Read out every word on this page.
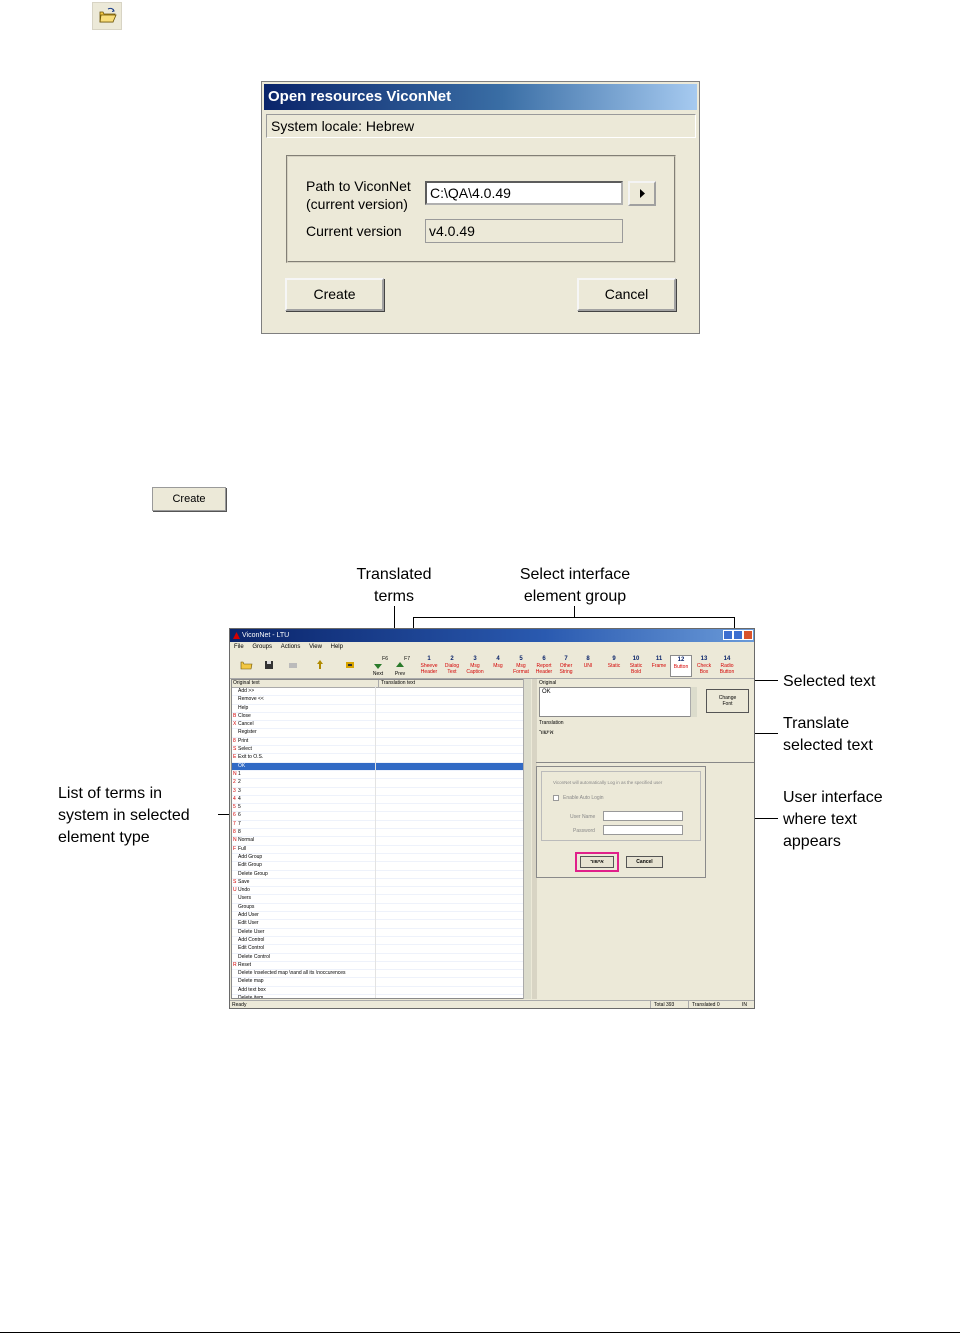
Open resources ViconNet
System locale: Hebrew
Path to ViconNet
(current version)
C:\QA\4.0.49
Current version v4.0.49
Create	Cancel
Create
Translated
terms
Select interface
element group
Selected text
Translate
selected text
List of terms in
system in selected
element type
User interface
where text
appears
ViconNet - LTU
File Groups Actions View Help
F6
Next
F7
Prev
1
Sheeve Header
2
Dialog Text
3
Msg Caption
4
Msg
5
Msg Format
6
Report Header
7
Other String
8
UNI
9
Static
10
Static Bold
11
Frame
12
Button
13
Check Box
14
Radio Button
Original text	Translation text
Add >>
Remove <<
Help
B Close
X Cancel
Register
8 Print
S Select
E Exit to O.S.
OK
N 1
2 2
3 3
4 4
5 5
6 6
7 7
8 8
N Normal
F Full
Add Group
Edit Group
Delete Group
S Save
U Undo
Users
Groups
Add User
Edit User
Delete User
Add Control
Edit Control
Delete Control
R Reset
Delete \nselected map \nand all its \noccurences
Delete map
Add text box
Delete item
Original
OK
Change
Font
Translation
אישור
ViconNet will automatically Log in as the specified user
Enable Auto Login
User Name
Password
אישור	Cancel
Ready	Total 393	Translated 0	IN
